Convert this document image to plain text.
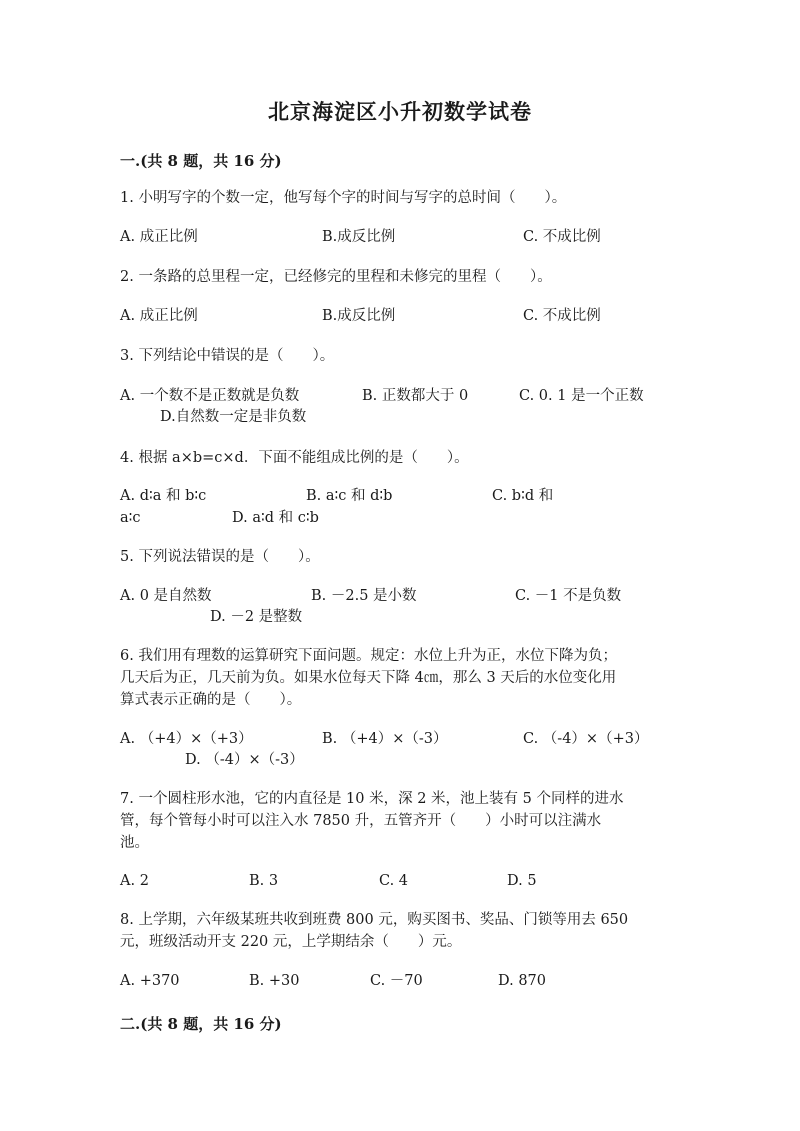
北京海淀区小升初数学试卷
一.(共 8 题，共 16 分)
1. 小明写字的个数一定，他写每个字的时间与写字的总时间（　　）。
A. 成正比例	B.成反比例	C. 不成比例
2. 一条路的总里程一定，已经修完的里程和未修完的里程（　　）。
A. 成正比例	B.成反比例	C. 不成比例
3. 下列结论中错误的是（　　）。
A. 一个数不是正数就是负数	B. 正数都大于 0	C. 0. 1 是一个正数
D.自然数一定是非负数
4. 根据 a×b=c×d．下面不能组成比例的是（　　）。
A. d∶a 和 b∶c	B. a∶c 和 d∶b	C. b∶d 和
a∶c	D. a∶d 和 c∶b
5. 下列说法错误的是（　　）。
A. 0 是自然数	B. －2.5 是小数	C. －1 不是负数
D. －2 是整数
6. 我们用有理数的运算研究下面问题。规定：水位上升为正，水位下降为负；
几天后为正，几天前为负。如果水位每天下降 4㎝，那么 3 天后的水位变化用
算式表示正确的是（　　）。
A. （+4）×（+3）	B. （+4）×（-3）	C. （-4）×（+3）
D. （-4）×（-3）
7. 一个圆柱形水池，它的内直径是 10 米，深 2 米，池上装有 5 个同样的进水
管，每个管每小时可以注入水 7850 升，五管齐开（　　）小时可以注满水
池。
A. 2	B. 3	C. 4	D. 5
8. 上学期，六年级某班共收到班费 800 元，购买图书、奖品、门锁等用去 650
元，班级活动开支 220 元，上学期结余（　　）元。
A. +370	B. +30	C. －70	D. 870
二.(共 8 题，共 16 分)
